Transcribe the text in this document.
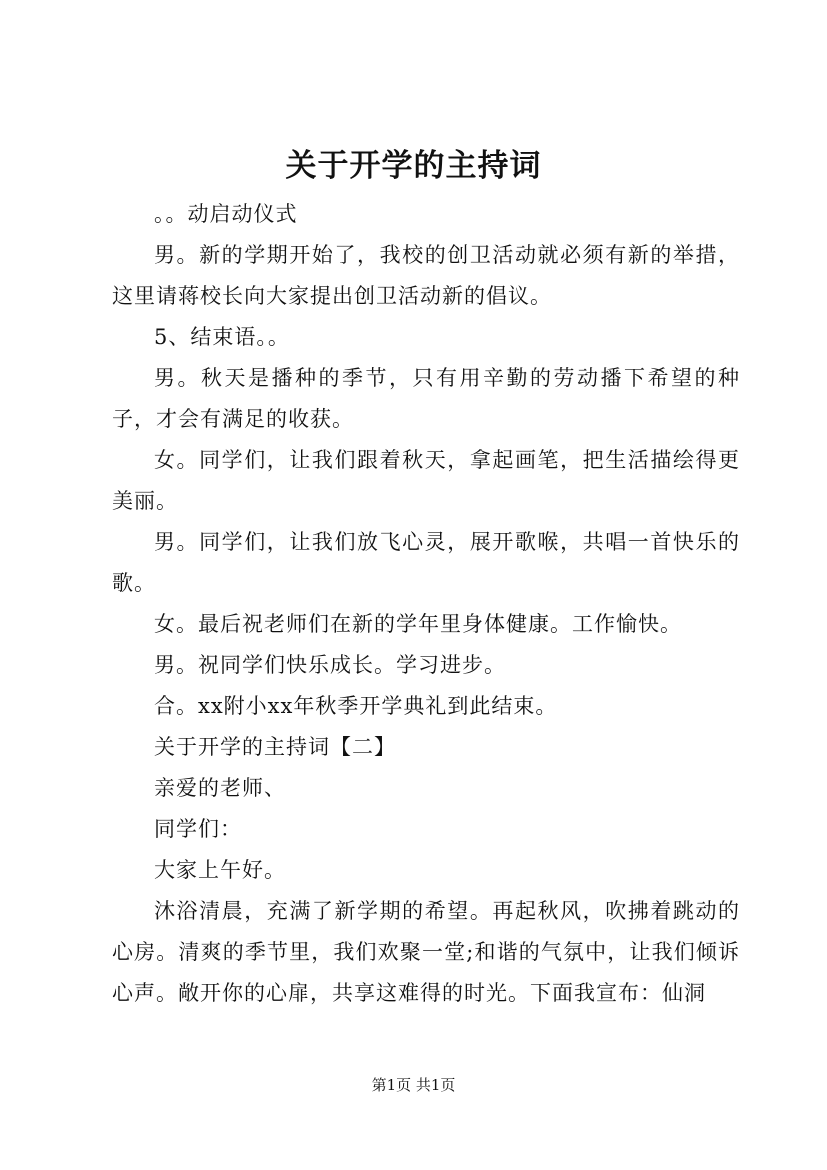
关于开学的主持词

。。动启动仪式

男。新的学期开始了，我校的创卫活动就必须有新的举措，这里请蒋校长向大家提出创卫活动新的倡议。

5、结束语。。

男。秋天是播种的季节，只有用辛勤的劳动播下希望的种子，才会有满足的收获。

女。同学们，让我们跟着秋天，拿起画笔，把生活描绘得更美丽。

男。同学们，让我们放飞心灵，展开歌喉，共唱一首快乐的歌。

女。最后祝老师们在新的学年里身体健康。工作愉快。

男。祝同学们快乐成长。学习进步。

合。xx附小xx年秋季开学典礼到此结束。

关于开学的主持词【二】

亲爱的老师、

同学们：

大家上午好。

沐浴清晨，充满了新学期的希望。再起秋风，吹拂着跳动的心房。清爽的季节里，我们欢聚一堂;和谐的气氛中，让我们倾诉心声。敞开你的心扉，共享这难得的时光。下面我宣布：仙洞

第1页 共1页
